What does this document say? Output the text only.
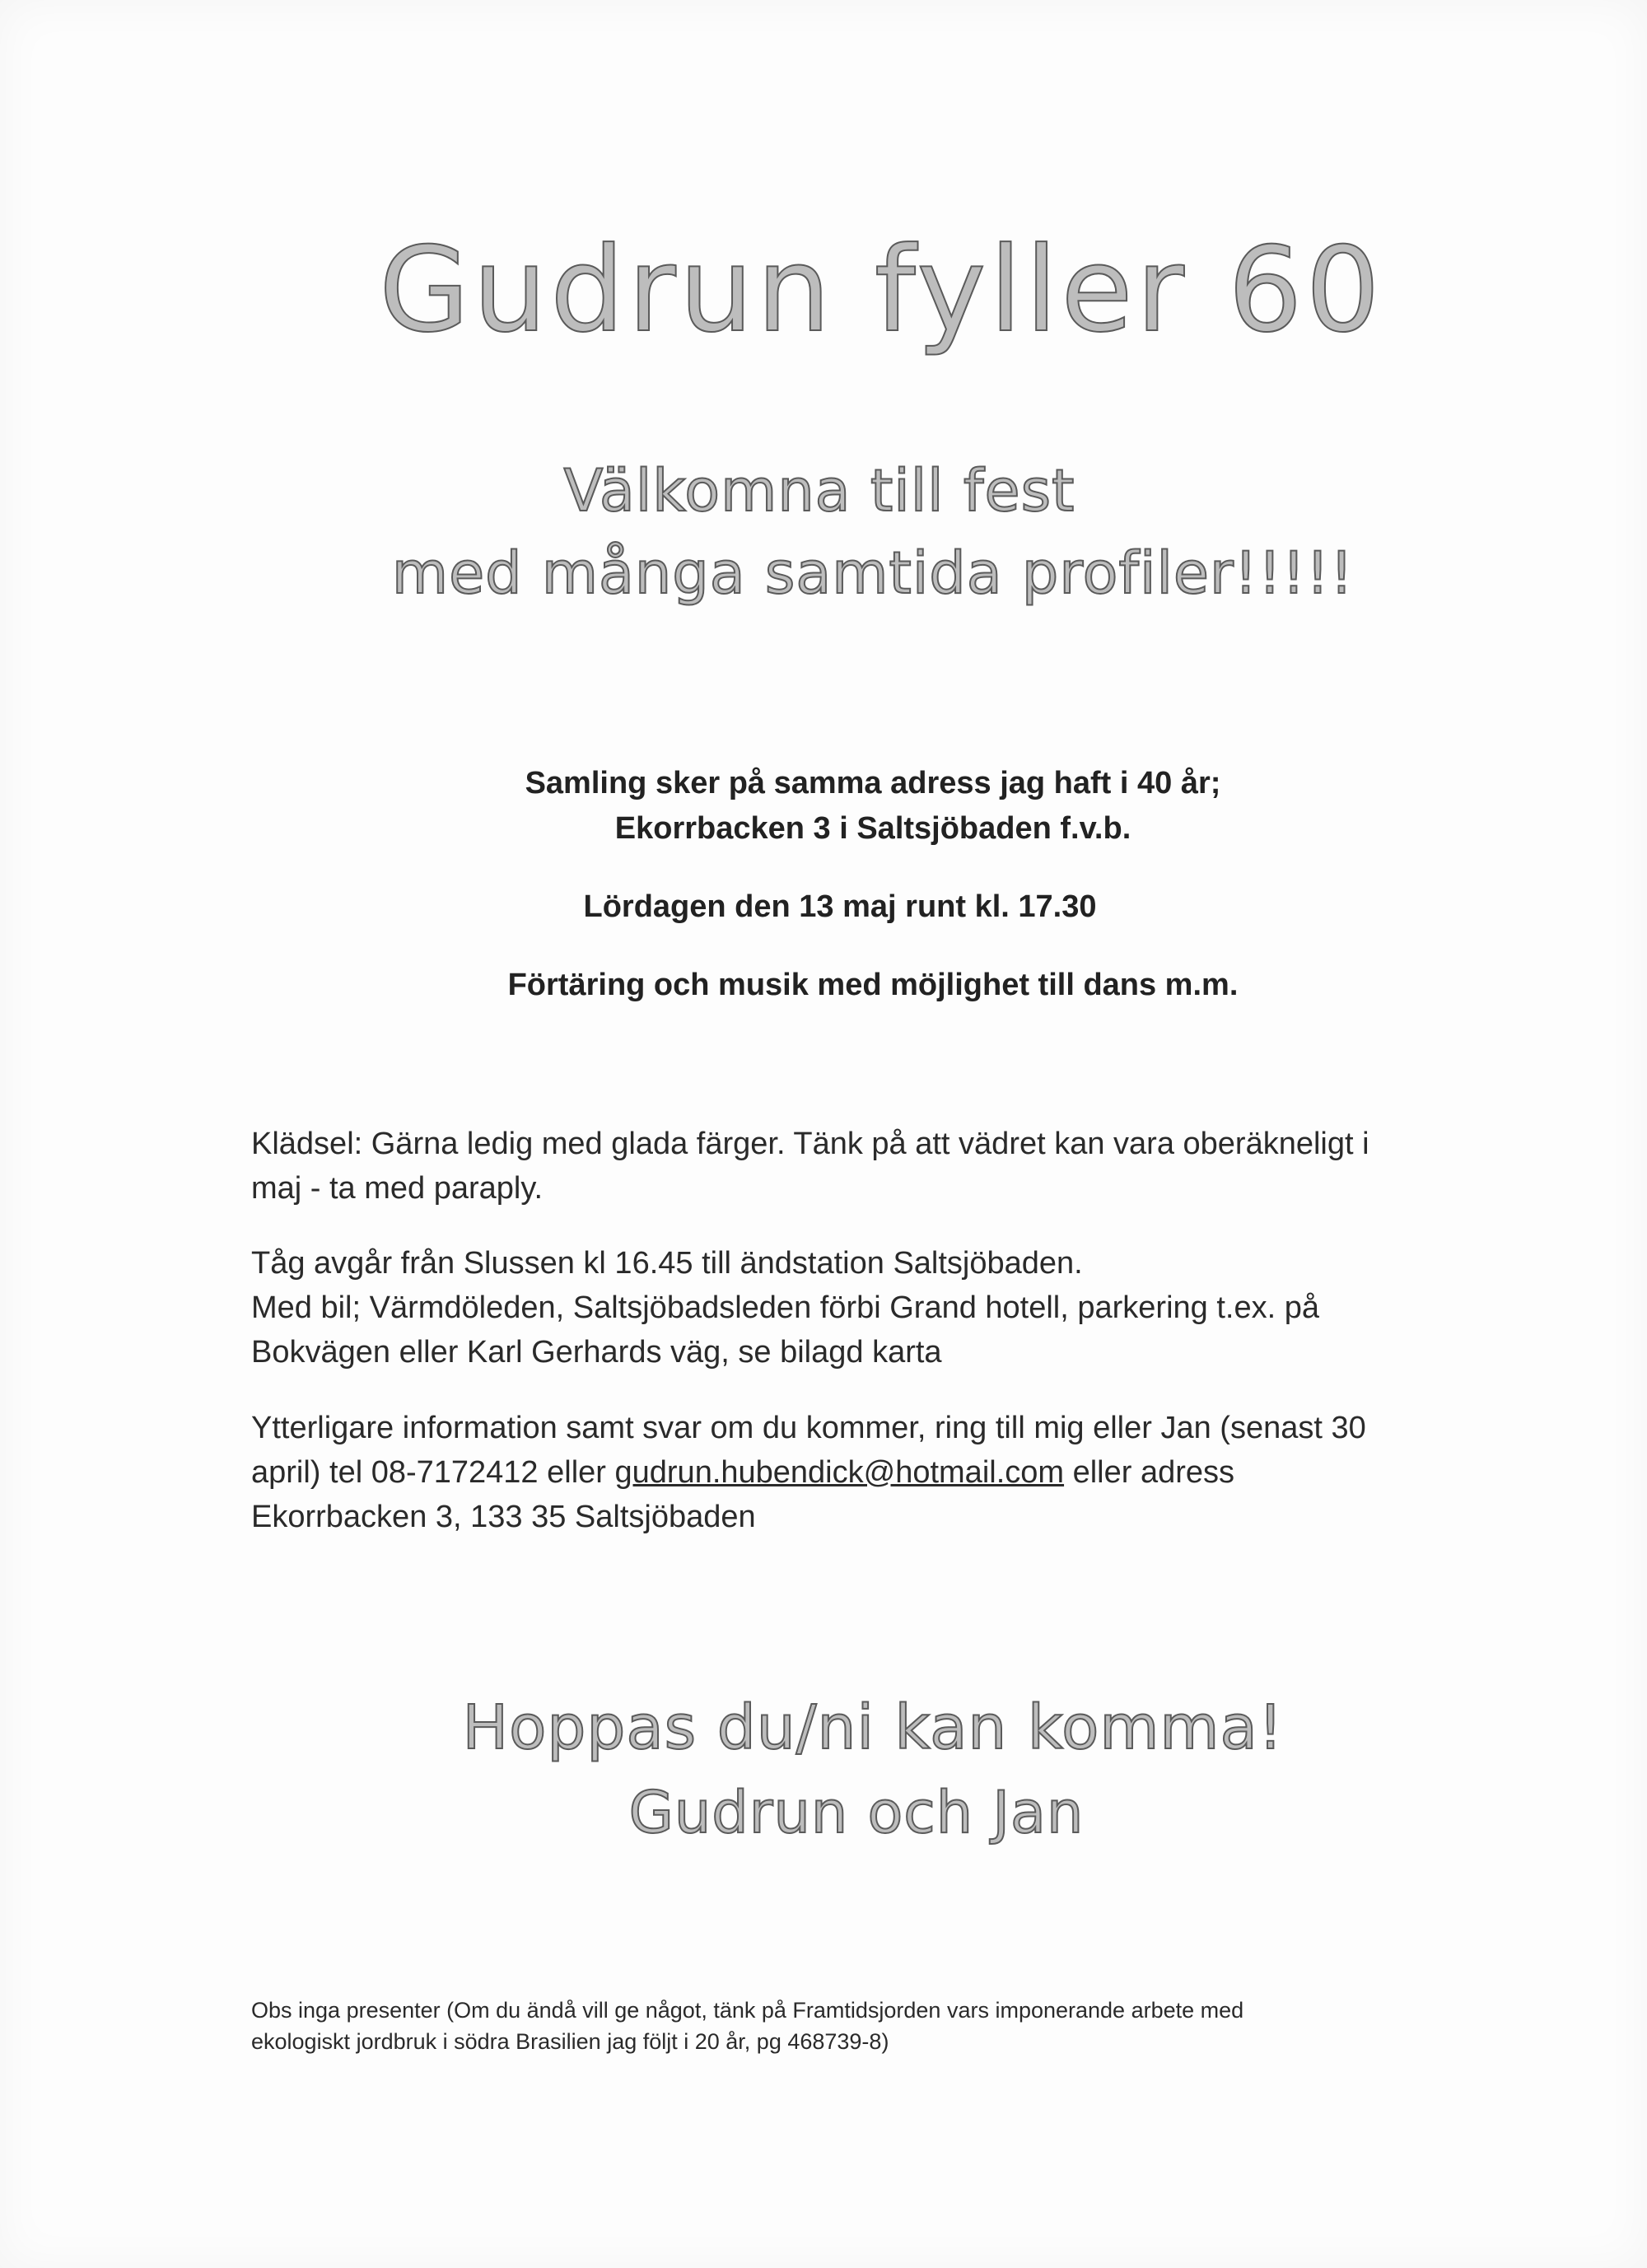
Gudrun fyller 60
Välkomna till fest
med många samtida profiler!!!!!
Samling sker på samma adress jag haft i 40 år;
Ekorrbacken 3 i Saltsjöbaden f.v.b.
Lördagen den 13 maj runt kl. 17.30
Förtäring och musik med möjlighet till dans m.m.
Klädsel: Gärna ledig med glada färger. Tänk på att vädret kan vara oberäkneligt i
maj - ta med paraply.
Tåg avgår från Slussen kl 16.45 till ändstation Saltsjöbaden.
Med bil; Värmdöleden, Saltsjöbadsleden förbi Grand hotell, parkering t.ex. på
Bokvägen eller Karl Gerhards väg, se bilagd karta
Ytterligare information samt svar om du kommer, ring till mig eller Jan (senast 30
april) tel 08-7172412 eller gudrun.hubendick@hotmail.com eller adress
Ekorrbacken 3, 133 35 Saltsjöbaden
Hoppas du/ni kan komma!
Gudrun och Jan
Obs inga presenter (Om du ändå vill ge något, tänk på Framtidsjorden vars imponerande arbete med
ekologiskt jordbruk i södra Brasilien jag följt i 20 år, pg 468739-8)
